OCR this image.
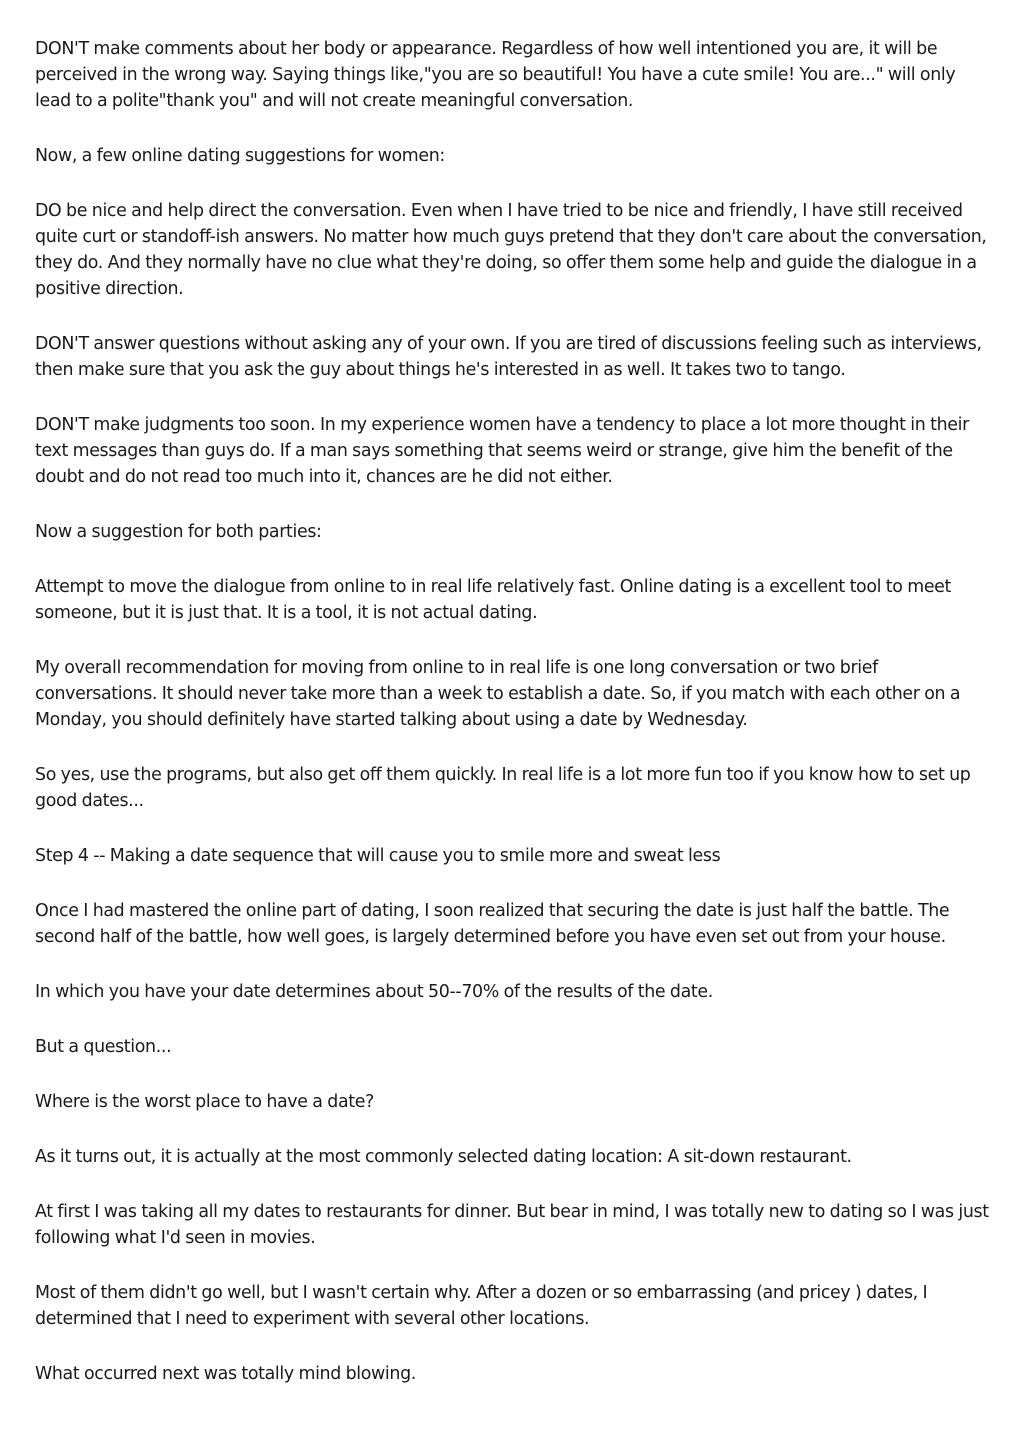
DON'T make comments about her body or appearance. Regardless of how well intentioned you are, it will be perceived in the wrong way. Saying things like,"you are so beautiful! You have a cute smile! You are..." will only lead to a polite"thank you" and will not create meaningful conversation.

Now, a few online dating suggestions for women:

DO be nice and help direct the conversation. Even when I have tried to be nice and friendly, I have still received quite curt or standoff-ish answers. No matter how much guys pretend that they don't care about the conversation, they do. And they normally have no clue what they're doing, so offer them some help and guide the dialogue in a positive direction.

DON'T answer questions without asking any of your own. If you are tired of discussions feeling such as interviews, then make sure that you ask the guy about things he's interested in as well. It takes two to tango.

DON'T make judgments too soon. In my experience women have a tendency to place a lot more thought in their text messages than guys do. If a man says something that seems weird or strange, give him the benefit of the doubt and do not read too much into it, chances are he did not either.

Now a suggestion for both parties:

Attempt to move the dialogue from online to in real life relatively fast. Online dating is a excellent tool to meet someone, but it is just that. It is a tool, it is not actual dating.

My overall recommendation for moving from online to in real life is one long conversation or two brief conversations. It should never take more than a week to establish a date. So, if you match with each other on a Monday, you should definitely have started talking about using a date by Wednesday.

So yes, use the programs, but also get off them quickly. In real life is a lot more fun too if you know how to set up good dates...

Step 4 -- Making a date sequence that will cause you to smile more and sweat less

Once I had mastered the online part of dating, I soon realized that securing the date is just half the battle. The second half of the battle, how well goes, is largely determined before you have even set out from your house.

In which you have your date determines about 50--70% of the results of the date.

But a question...

Where is the worst place to have a date?

As it turns out, it is actually at the most commonly selected dating location: A sit-down restaurant.

At first I was taking all my dates to restaurants for dinner. But bear in mind, I was totally new to dating so I was just following what I'd seen in movies.

Most of them didn't go well, but I wasn't certain why. After a dozen or so embarrassing (and pricey ) dates, I determined that I need to experiment with several other locations.

What occurred next was totally mind blowing.
